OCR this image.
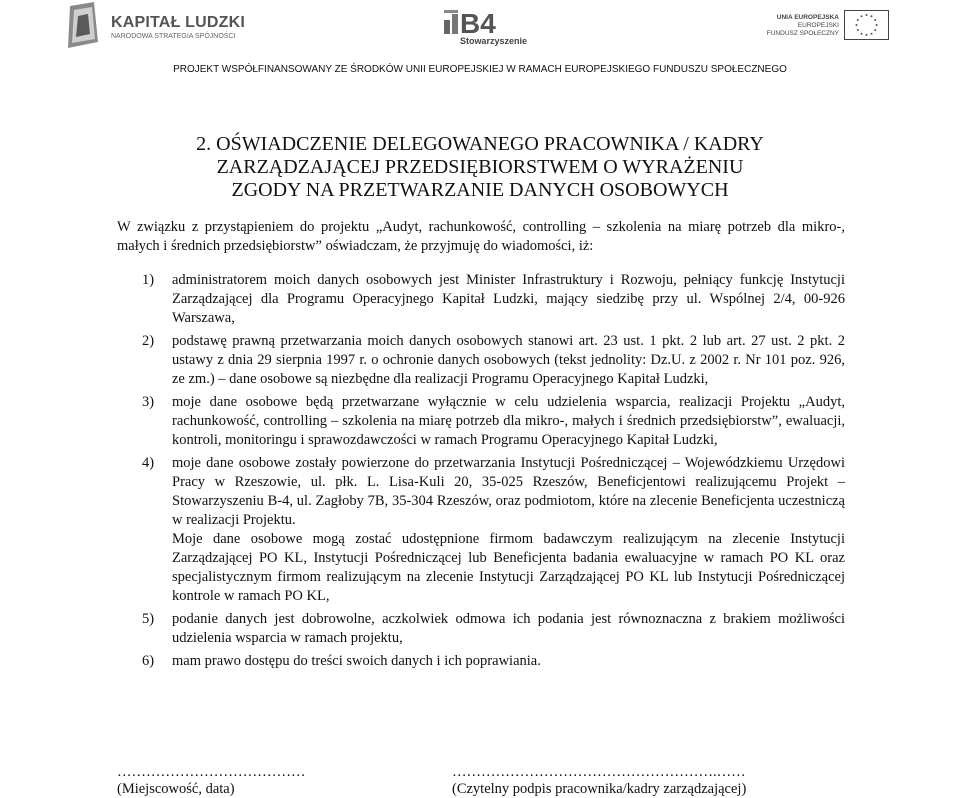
KAPITAŁ LUDZKI
NARODOWA STRATEGIA SPÓJNOŚCI	B4
Stowarzyszenie
UNIA EUROPEJSKA
EUROPEJSKI
FUNDUSZ SPOŁECZNY
PROJEKT WSPÓŁFINANSOWANY ZE ŚRODKÓW UNII EUROPEJSKIEJ W RAMACH EUROPEJSKIEGO FUNDUSZU SPOŁECZNEGO
2. OŚWIADCZENIE DELEGOWANEGO PRACOWNIKA / KADRY
ZARZĄDZAJĄCEJ PRZEDSIĘBIORSTWEM O WYRAŻENIU
ZGODY NA PRZETWARZANIE DANYCH OSOBOWYCH

W związku z przystąpieniem do projektu „Audyt, rachunkowość, controlling – szkolenia na miarę potrzeb dla mikro-, małych i średnich przedsiębiorstw” oświadczam, że przyjmuję do wiadomości, iż:

1) administratorem moich danych osobowych jest Minister Infrastruktury i Rozwoju, pełniący funkcję Instytucji Zarządzającej dla Programu Operacyjnego Kapitał Ludzki, mający siedzibę przy ul. Wspólnej 2/4, 00-926 Warszawa,

2) podstawę prawną przetwarzania moich danych osobowych stanowi art. 23 ust. 1 pkt. 2 lub art. 27 ust. 2 pkt. 2 ustawy z dnia 29 sierpnia 1997 r. o ochronie danych osobowych (tekst jednolity: Dz.U. z 2002 r. Nr 101 poz. 926, ze zm.) – dane osobowe są niezbędne dla realizacji Programu Operacyjnego Kapitał Ludzki,

3) moje dane osobowe będą przetwarzane wyłącznie w celu udzielenia wsparcia, realizacji Projektu „Audyt, rachunkowość, controlling – szkolenia na miarę potrzeb dla mikro-, małych i średnich przedsiębiorstw”, ewaluacji, kontroli, monitoringu i sprawozdawczości w ramach Programu Operacyjnego Kapitał Ludzki,

4) moje dane osobowe zostały powierzone do przetwarzania Instytucji Pośredniczącej – Wojewódzkiemu Urzędowi Pracy w Rzeszowie, ul. płk. L. Lisa-Kuli 20, 35-025 Rzeszów, Beneficjentowi realizującemu Projekt – Stowarzyszeniu B-4, ul. Zagłoby 7B, 35-304 Rzeszów, oraz podmiotom, które na zlecenie Beneficjenta uczestniczą w realizacji Projektu.

Moje dane osobowe mogą zostać udostępnione firmom badawczym realizującym na zlecenie Instytucji Zarządzającej PO KL, Instytucji Pośredniczącej lub Beneficjenta badania ewaluacyjne w ramach PO KL oraz specjalistycznym firmom realizującym na zlecenie Instytucji Zarządzającej PO KL lub Instytucji Pośredniczącej kontrole w ramach PO KL,

5) podanie danych jest dobrowolne, aczkolwiek odmowa ich podania jest równoznaczna z brakiem możliwości udzielenia wsparcia w ramach projektu,

6) mam prawo dostępu do treści swoich danych i ich poprawiania.

…………………………………
(Miejscowość, data)
……………………………………………….……
(Czytelny podpis pracownika/kadry zarządzającej)
